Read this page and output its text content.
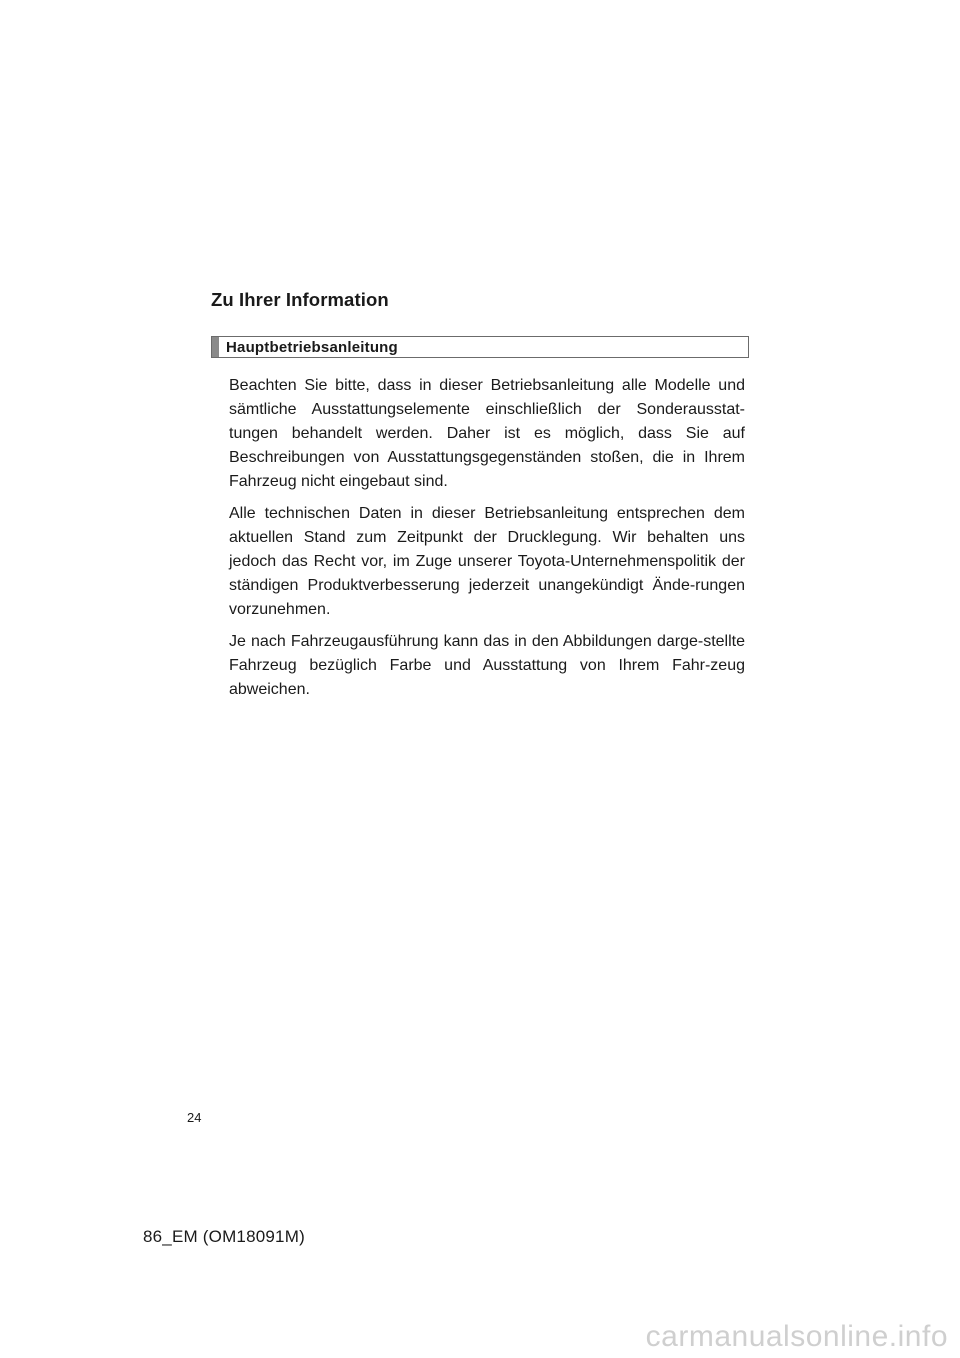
Zu Ihrer Information
Hauptbetriebsanleitung

Beachten Sie bitte, dass in dieser Betriebsanleitung alle Modelle und sämtliche Ausstattungselemente einschließlich der Sonderausstat-tungen behandelt werden. Daher ist es möglich, dass Sie auf Beschreibungen von Ausstattungsgegenständen stoßen, die in Ihrem Fahrzeug nicht eingebaut sind.

Alle technischen Daten in dieser Betriebsanleitung entsprechen dem aktuellen Stand zum Zeitpunkt der Drucklegung. Wir behalten uns jedoch das Recht vor, im Zuge unserer Toyota-Unternehmenspolitik der ständigen Produktverbesserung jederzeit unangekündigt Ände-rungen vorzunehmen.

Je nach Fahrzeugausführung kann das in den Abbildungen darge-stellte Fahrzeug bezüglich Farbe und Ausstattung von Ihrem Fahr-zeug abweichen.

24
86_EM (OM18091M)
carmanualsonline.info
